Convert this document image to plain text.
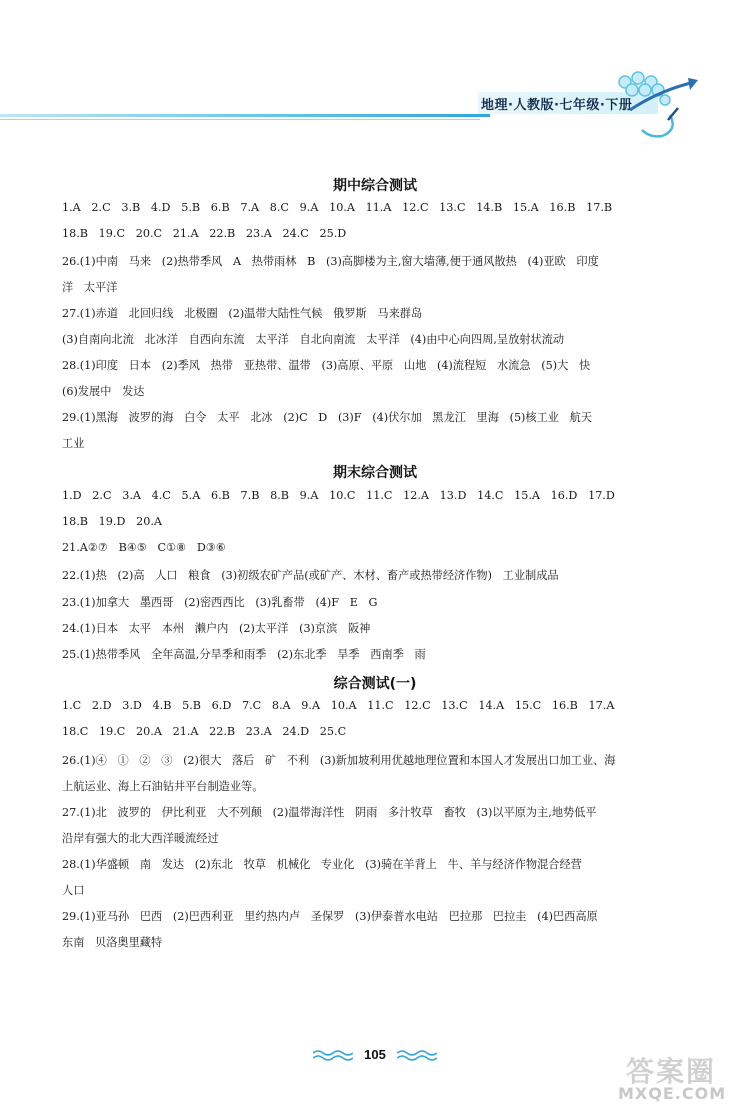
地理·人教版·七年级·下册
期中综合测试
1.A   2.C   3.B   4.D   5.B   6.B   7.A   8.C   9.A   10.A   11.A   12.C   13.C   14.B   15.A   16.B   17.B
18.B   19.C   20.C   21.A   22.B   23.A   24.C   25.D
26.(1)中南   马来   (2)热带季风   A   热带雨林   B   (3)高脚楼为主,窗大墙薄,便于通风散热   (4)亚欧   印度
洋   太平洋
27.(1)赤道   北回归线   北极圈   (2)温带大陆性气候   俄罗斯   马来群岛
(3)自南向北流   北冰洋   自西向东流   太平洋   自北向南流   太平洋   (4)由中心向四周,呈放射状流动
28.(1)印度   日本   (2)季风   热带   亚热带、温带   (3)高原、平原   山地   (4)流程短   水流急   (5)大   快
(6)发展中   发达
29.(1)黑海   波罗的海   白令   太平   北冰   (2)C   D   (3)F   (4)伏尔加   黑龙江   里海   (5)核工业   航天
工业
期末综合测试
1.D   2.C   3.A   4.C   5.A   6.B   7.B   8.B   9.A   10.C   11.C   12.A   13.D   14.C   15.A   16.D   17.D
18.B   19.D   20.A
21.A②⑦   B④⑤   C①⑧   D③⑥
22.(1)热   (2)高   人口   粮食   (3)初级农矿产品(或矿产、木材、畜产或热带经济作物)   工业制成品
23.(1)加拿大   墨西哥   (2)密西西比   (3)乳畜带   (4)F   E   G
24.(1)日本   太平   本州   濑户内   (2)太平洋   (3)京滨   阪神
25.(1)热带季风   全年高温,分旱季和雨季   (2)东北季   旱季   西南季   雨
综合测试(一)
1.C   2.D   3.D   4.B   5.B   6.D   7.C   8.A   9.A   10.A   11.C   12.C   13.C   14.A   15.C   16.B   17.A
18.C   19.C   20.A   21.A   22.B   23.A   24.D   25.C
26.(1)④   ①   ②   ③   (2)很大   落后   矿   不利   (3)新加坡利用优越地理位置和本国人才发展出口加工业、海
上航运业、海上石油钻井平台制造业等。
27.(1)北   波罗的   伊比利亚   大不列颠   (2)温带海洋性   阴雨   多汁牧草   畜牧   (3)以平原为主,地势低平
沿岸有强大的北大西洋暖流经过
28.(1)华盛顿   南   发达   (2)东北   牧草   机械化   专业化   (3)骑在羊背上   牛、羊与经济作物混合经营
人口
29.(1)亚马孙   巴西   (2)巴西利亚   里约热内卢   圣保罗   (3)伊泰普水电站   巴拉那   巴拉圭   (4)巴西高原
东南   贝洛奥里藏特
105
答案圈
MXQE.COM
